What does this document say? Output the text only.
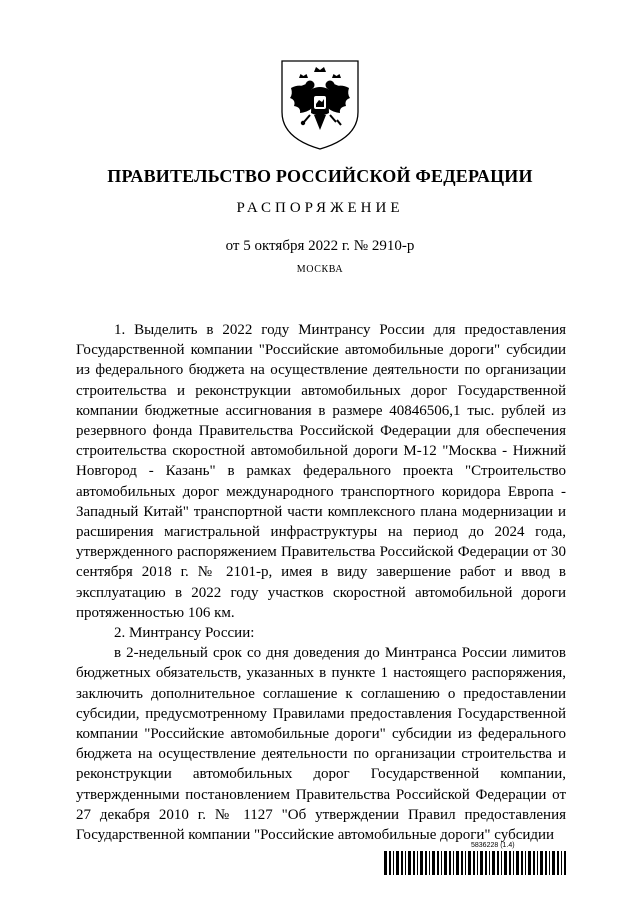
ПРАВИТЕЛЬСТВО РОССИЙСКОЙ ФЕДЕРАЦИИ
РАСПОРЯЖЕНИЕ
от 5 октября 2022 г. № 2910-р
МОСКВА

1. Выделить в 2022 году Минтрансу России для предоставления Государственной компании "Российские автомобильные дороги" субсидии из федерального бюджета на осуществление деятельности по организации строительства и реконструкции автомобильных дорог Государственной компании бюджетные ассигнования в размере 40846506,1 тыс. рублей из резервного фонда Правительства Российской Федерации для обеспечения строительства скоростной автомобильной дороги М-12 "Москва - Нижний Новгород - Казань" в рамках федерального проекта "Строительство автомобильных дорог международного транспортного коридора Европа - Западный Китай" транспортной части комплексного плана модернизации и расширения магистральной инфраструктуры на период до 2024 года, утвержденного распоряжением Правительства Российской Федерации от 30 сентября 2018 г. № 2101-р, имея в виду завершение работ и ввод в эксплуатацию в 2022 году участков скоростной автомобильной дороги протяженностью 106 км.

2. Минтрансу России:

в 2-недельный срок со дня доведения до Минтранса России лимитов бюджетных обязательств, указанных в пункте 1 настоящего распоряжения, заключить дополнительное соглашение к соглашению о предоставлении субсидии, предусмотренному Правилами предоставления Государственной компании "Российские автомобильные дороги" субсидии из федерального бюджета на осуществление деятельности по организации строительства и реконструкции автомобильных дорог Государственной компании, утвержденными постановлением Правительства Российской Федерации от 27 декабря 2010 г. № 1127 "Об утверждении Правил предоставления Государственной компании "Российские автомобильные дороги" субсидии

5836228 (1.4)
